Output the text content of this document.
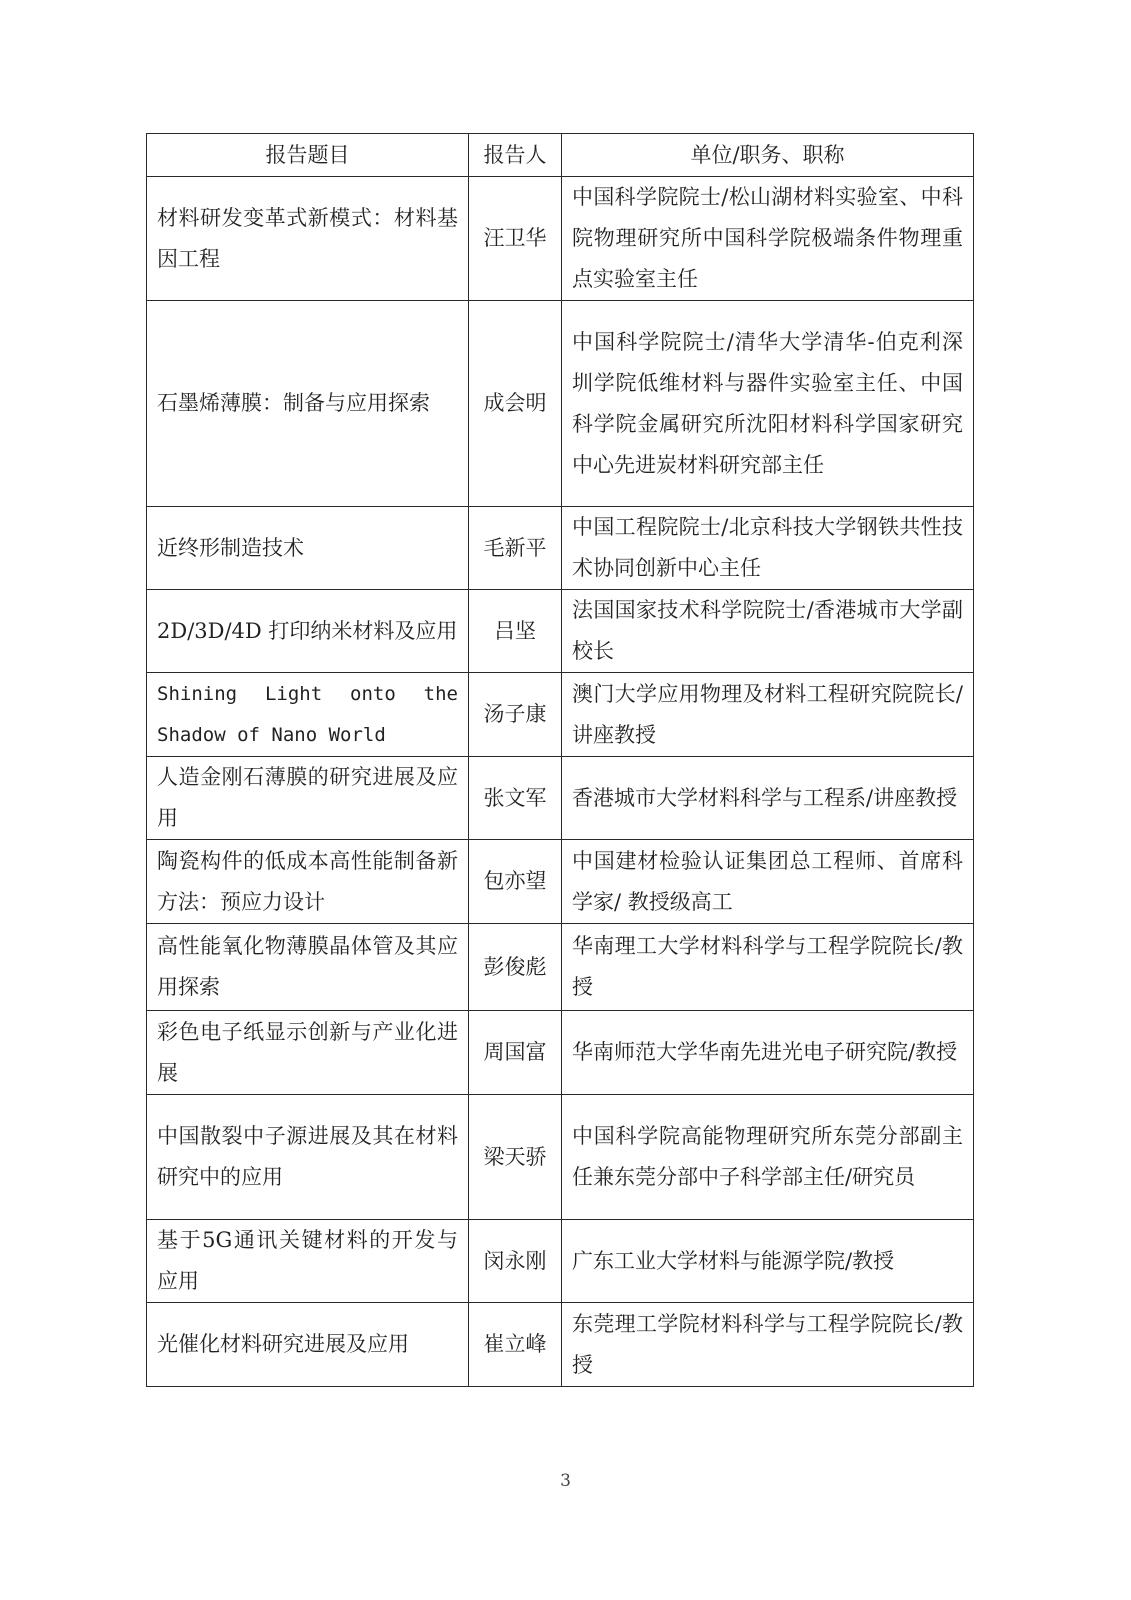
报告题目	报告人	单位/职务、职称
材料研发变革式新模式：材料基因工程	汪卫华	中国科学院院士/松山湖材料实验室、中科院物理研究所中国科学院极端条件物理重点实验室主任
石墨烯薄膜：制备与应用探索	成会明	中国科学院院士/清华大学清华-伯克利深圳学院低维材料与器件实验室主任、中国科学院金属研究所沈阳材料科学国家研究中心先进炭材料研究部主任
近终形制造技术	毛新平	中国工程院院士/北京科技大学钢铁共性技术协同创新中心主任
2D/3D/4D 打印纳米材料及应用	吕坚	法国国家技术科学院院士/香港城市大学副校长
Shining Light onto the Shadow of Nano World	汤子康	澳门大学应用物理及材料工程研究院院长/讲座教授
人造金刚石薄膜的研究进展及应用	张文军	香港城市大学材料科学与工程系/讲座教授
陶瓷构件的低成本高性能制备新方法：预应力设计	包亦望	中国建材检验认证集团总工程师、首席科学家/ 教授级高工
高性能氧化物薄膜晶体管及其应用探索	彭俊彪	华南理工大学材料科学与工程学院院长/教授
彩色电子纸显示创新与产业化进展	周国富	华南师范大学华南先进光电子研究院/教授
中国散裂中子源进展及其在材料研究中的应用	梁天骄	中国科学院高能物理研究所东莞分部副主任兼东莞分部中子科学部主任/研究员
基于5G通讯关键材料的开发与应用	闵永刚	广东工业大学材料与能源学院/教授
光催化材料研究进展及应用	崔立峰	东莞理工学院材料科学与工程学院院长/教授
3
